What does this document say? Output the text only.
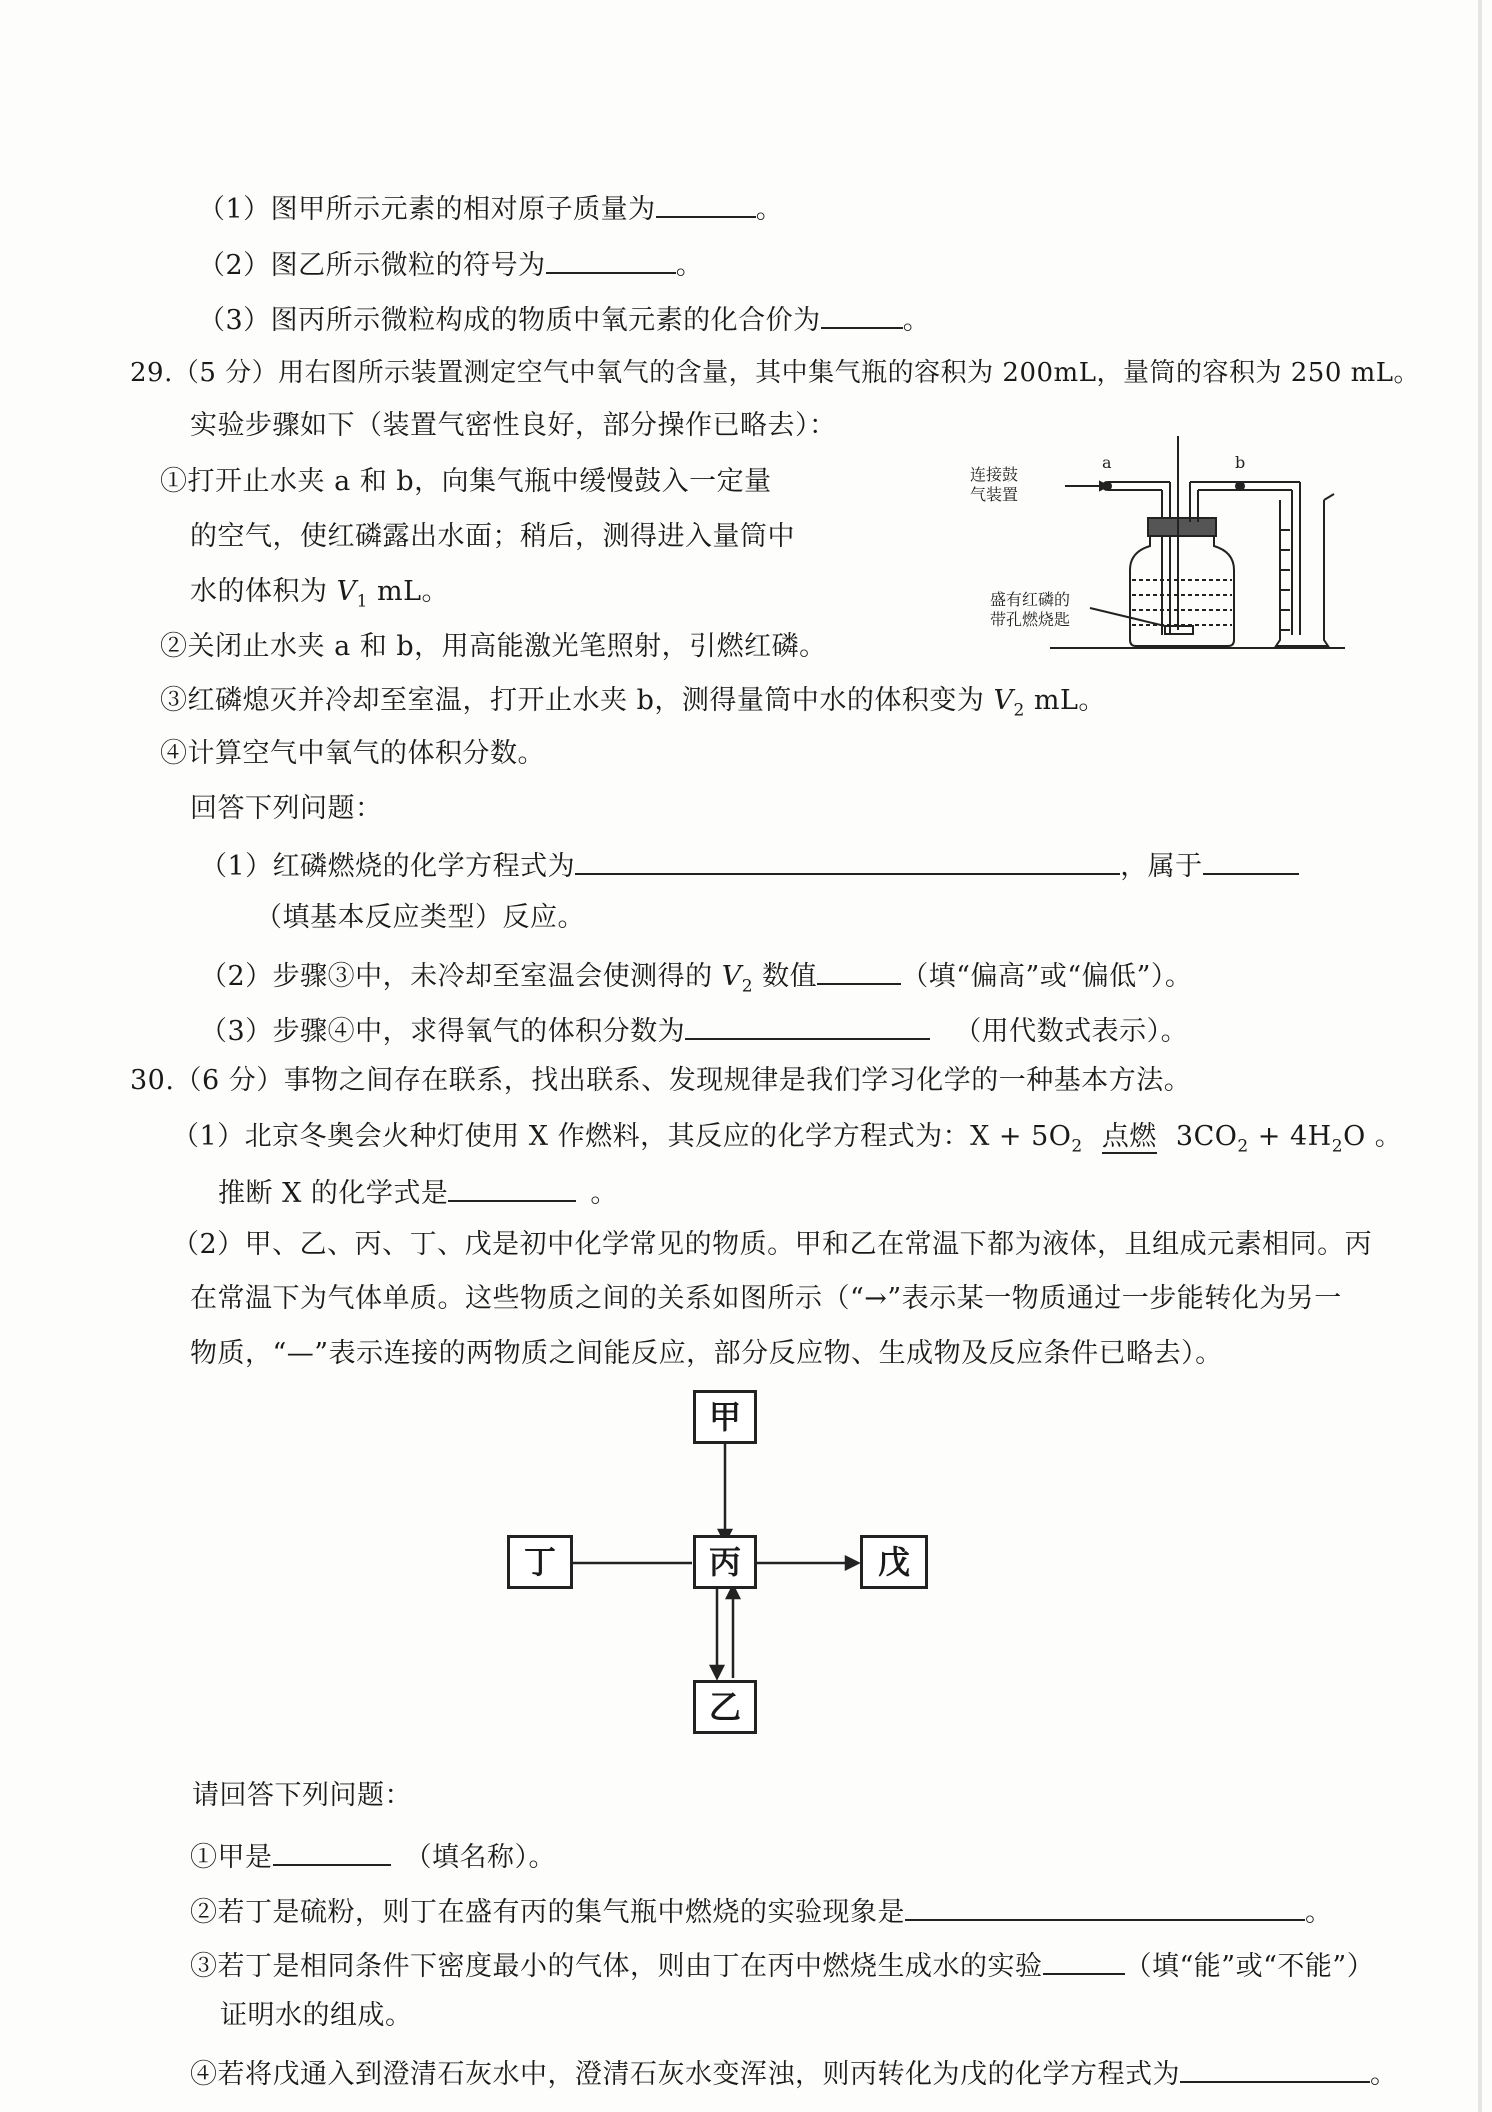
（1）图甲所示元素的相对原子质量为	。
（2）图乙所示微粒的符号为	。
（3）图丙所示微粒构成的物质中氧元素的化合价为	。
29.（5 分）用右图所示装置测定空气中氧气的含量，其中集气瓶的容积为 200mL，量筒的容积为 250 mL。
实验步骤如下（装置气密性良好，部分操作已略去）：
①打开止水夹 a 和 b，向集气瓶中缓慢鼓入一定量
的空气，使红磷露出水面；稍后，测得进入量筒中
水的体积为 $V_1$ mL。
②关闭止水夹 a 和 b，用高能激光笔照射，引燃红磷。
③红磷熄灭并冷却至室温，打开止水夹 b，测得量筒中水的体积变为 $V_2$ mL。
④计算空气中氧气的体积分数。
回答下列问题：
（1）红磷燃烧的化学方程式为	，属于
（填基本反应类型）反应。
（2）步骤③中，未冷却至室温会使测得的 $V_2$ 数值	（填“偏高”或“偏低”）。
（3）步骤④中，求得氧气的体积分数为	（用代数式表示）。
连接鼓
气装置
a	b
盛有红磷的
带孔燃烧匙
30.（6 分）事物之间存在联系，找出联系、发现规律是我们学习化学的一种基本方法。
（1）北京冬奥会火种灯使用 X 作燃料，其反应的化学方程式为：$X + 5O_2$ 点燃 $3CO_2 + 4H_2O$ 。
推断 X 的化学式是	。
（2）甲、乙、丙、丁、戊是初中化学常见的物质。甲和乙在常温下都为液体，且组成元素相同。丙
在常温下为气体单质。这些物质之间的关系如图所示（“→”表示某一物质通过一步能转化为另一
物质，“—”表示连接的两物质之间能反应，部分反应物、生成物及反应条件已略去）。
甲
丁	丙	戊
乙
请回答下列问题：
①甲是	（填名称）。
②若丁是硫粉，则丁在盛有丙的集气瓶中燃烧的实验现象是	。
③若丁是相同条件下密度最小的气体，则由丁在丙中燃烧生成水的实验	（填“能”或“不能”）
证明水的组成。
④若将戊通入到澄清石灰水中，澄清石灰水变浑浊，则丙转化为戊的化学方程式为	。
